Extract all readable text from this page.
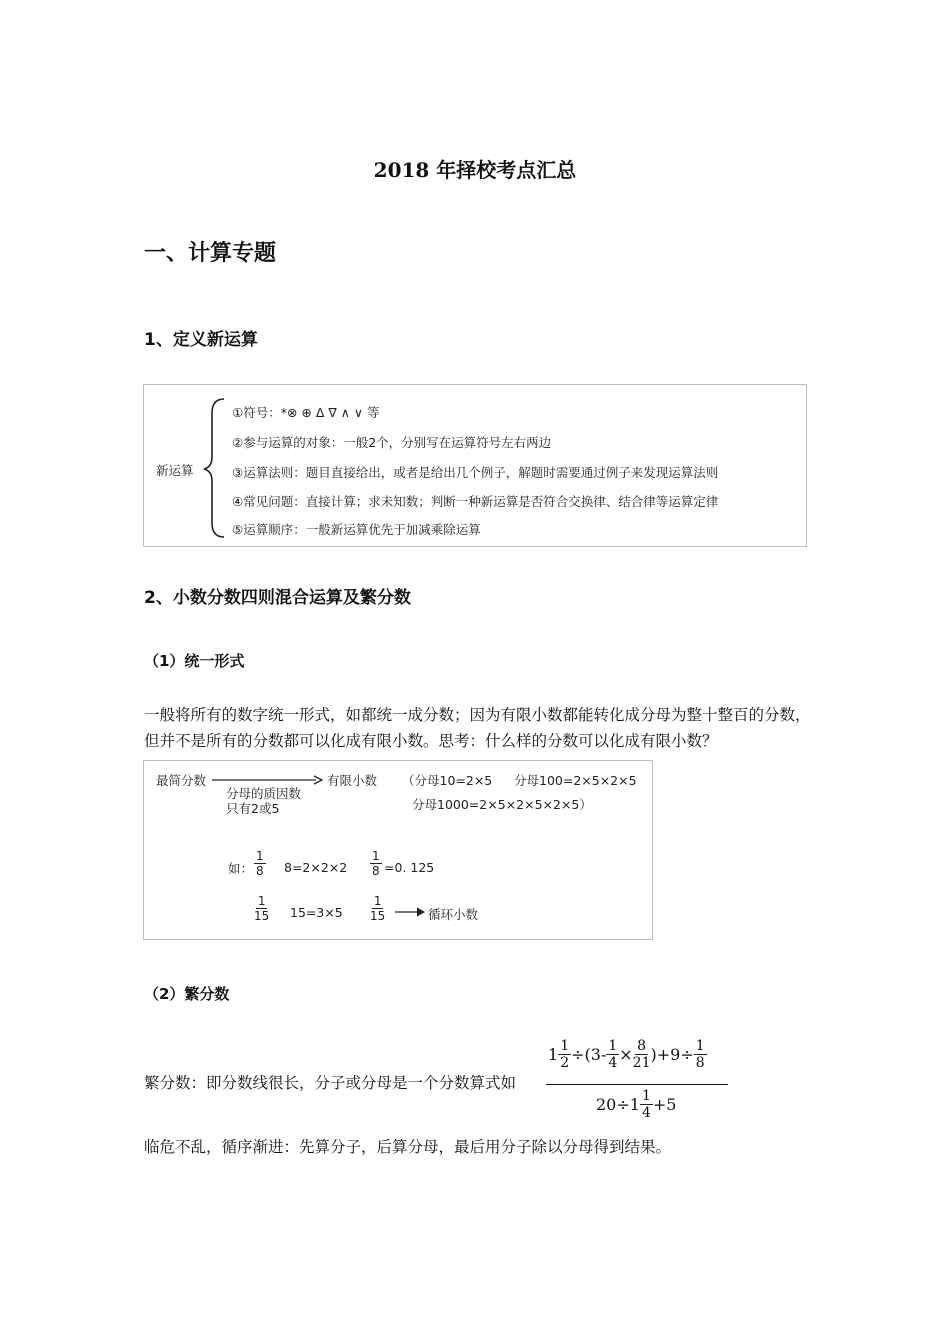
2018 年择校考点汇总
一、计算专题
1、定义新运算
新运算
①符号：*⊗ ⊕ Δ ∇ ∧ ∨ 等
②参与运算的对象：一般2个，分别写在运算符号左右两边
③运算法则：题目直接给出，或者是给出几个例子，解题时需要通过例子来发现运算法则
④常见问题：直接计算；求未知数；判断一种新运算是否符合交换律、结合律等运算定律
⑤运算顺序：一般新运算优先于加减乘除运算
2、小数分数四则混合运算及繁分数
（1）统一形式
一般将所有的数字统一形式，如都统一成分数；因为有限小数都能转化成分母为整十整百的分数，但并不是所有的分数都可以化成有限小数。思考：什么样的分数可以化成有限小数？
最简分数
分母的质因数
只有2或5
有限小数 （分母10=2×5 分母100=2×5×2×5
分母1000=2×5×2×5×2×5）
如： $\frac{1}{8} 8=2\times 2\times 2 \frac{1}{8} =0$. 125
$\frac{1}{15} 15=3\times 5 \frac{1}{15}$	循环小数
（2）繁分数
繁分数：即分数线很长，分子或分母是一个分数算式如
$1 \frac{1}{2} \div(3- \frac{1}{4} \times \frac{8}{21} )+9\div \frac{1}{8}$
$20\div 1 \frac{1}{4} +5$
临危不乱，循序渐进：先算分子，后算分母，最后用分子除以分母得到结果。
